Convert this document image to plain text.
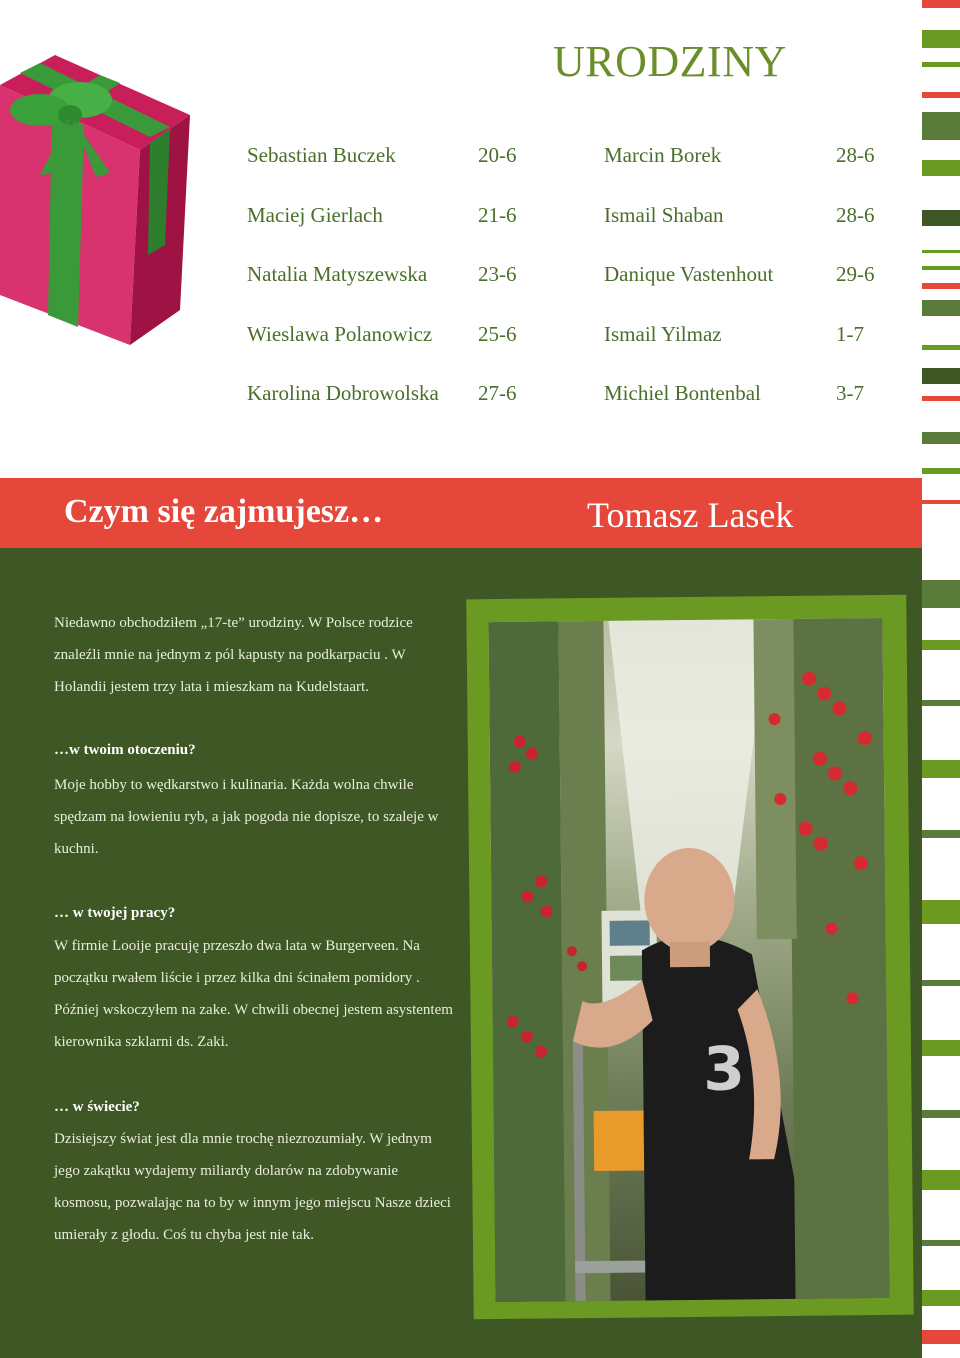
URODZINY
Sebastian Buczek	20-6
Maciej Gierlach	21-6
Natalia Matyszewska 23-6
Wieslawa Polanowicz 25-6
Karolina Dobrowolska 27-6
Marcin Borek	28-6
Ismail Shaban	28-6
Danique Vastenhout	29-6
Ismail Yilmaz	1-7
Michiel Bontenbal	3-7
Czym się zajmujesz…	Tomasz Lasek
Niedawno obchodziłem „17-te” urodziny. W Polsce rodzice znaleźli mnie na jednym z pól kapusty na podkarpaciu . W Holandii jestem trzy lata i mieszkam na Kudelstaart.
…w twoim otoczeniu?
Moje hobby to wędkarstwo i kulinaria. Każda wolna chwile spędzam na łowieniu ryb, a jak pogoda nie dopisze, to szaleje w kuchni.
… w twojej pracy?
W firmie Looije pracuję przeszło dwa lata w Burgerveen. Na początku rwałem liście i przez kilka dni ścinałem pomidory . Później wskoczyłem na zake. W chwili obecnej jestem asystentem kierownika szklarni ds. Zaki.
… w świecie?
Dzisiejszy świat jest dla mnie trochę niezrozumiały. W jednym jego zakątku wydajemy miliardy dolarów na zdobywanie kosmosu, pozwalając na to by w innym jego miejscu Nasze dzieci umierały z głodu. Coś tu chyba jest nie tak.
3
